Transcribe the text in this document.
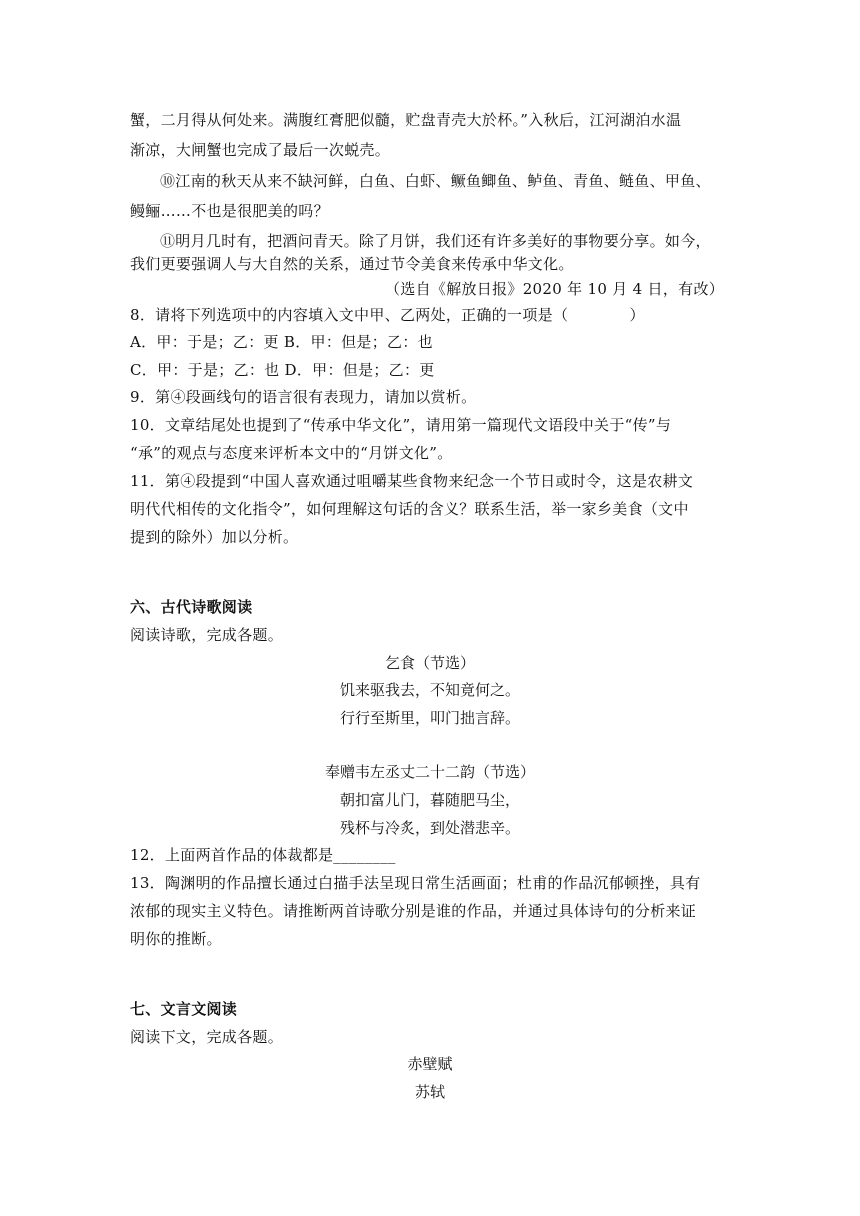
蟹，二月得从何处来。满腹红膏肥似髓，贮盘青壳大於杯。”入秋后，江河湖泊水温
渐凉，大闸蟹也完成了最后一次蜕壳。
⑩江南的秋天从来不缺河鲜，白鱼、白虾、鳜鱼鲫鱼、鲈鱼、青鱼、鲢鱼、甲鱼、
鳗鲡……不也是很肥美的吗？
⑪明月几时有，把酒问青天。除了月饼，我们还有许多美好的事物要分享。如今，
我们更要强调人与大自然的关系，通过节令美食来传承中华文化。
（选自《解放日报》2020 年 10 月 4 日，有改）
8．请将下列选项中的内容填入文中甲、乙两处，正确的一项是（　　　　）
A．甲：于是；乙：更 B．甲：但是；乙：也
C．甲：于是；乙：也 D．甲：但是；乙：更
9．第④段画线句的语言很有表现力，请加以赏析。
10．文章结尾处也提到了“传承中华文化”，请用第一篇现代文语段中关于“传”与
“承”的观点与态度来评析本文中的“月饼文化”。
11．第④段提到“中国人喜欢通过咀嚼某些食物来纪念一个节日或时令，这是农耕文
明代代相传的文化指令”，如何理解这句话的含义？联系生活，举一家乡美食（文中
提到的除外）加以分析。
六、古代诗歌阅读
阅读诗歌，完成各题。
乞食（节选）
饥来驱我去，不知竟何之。
行行至斯里，叩门拙言辞。
奉赠韦左丞丈二十二韵（节选）
朝扣富儿门，暮随肥马尘，
残杯与冷炙，到处潜悲辛。
12．上面两首作品的体裁都是________
13．陶渊明的作品擅长通过白描手法呈现日常生活画面；杜甫的作品沉郁顿挫，具有
浓郁的现实主义特色。请推断两首诗歌分别是谁的作品，并通过具体诗句的分析来证
明你的推断。
七、文言文阅读
阅读下文，完成各题。
赤壁赋
苏轼
